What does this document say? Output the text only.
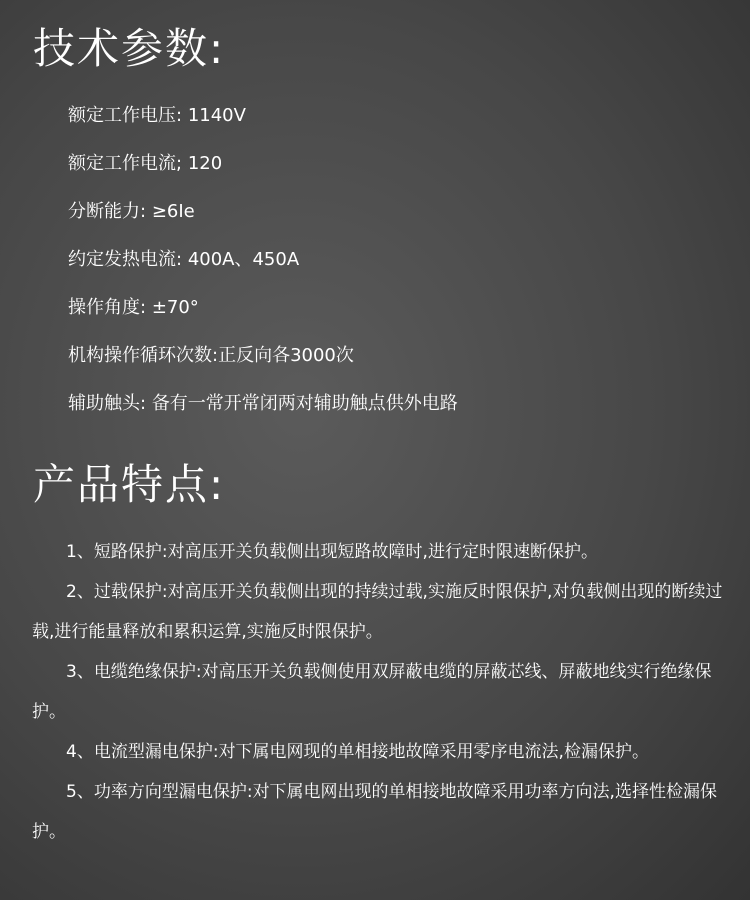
技术参数:
额定工作电压: 1140V
额定工作电流; 120
分断能力: ≥6Ie
约定发热电流: 400A、450A
操作角度: ±70°
机构操作循环次数:正反向各3000次
辅助触头: 备有一常开常闭两对辅助触点供外电路
产品特点:

1、短路保护:对高压开关负载侧出现短路故障时,进行定时限速断保护。

2、过载保护:对高压开关负载侧出现的持续过载,实施反时限保护,对负载侧出现的断续过载,进行能量释放和累积运算,实施反时限保护。

3、电缆绝缘保护:对高压开关负载侧使用双屏蔽电缆的屏蔽芯线、屏蔽地线实行绝缘保护。

4、电流型漏电保护:对下属电网现的单相接地故障采用零序电流法,检漏保护。

5、功率方向型漏电保护:对下属电网出现的单相接地故障采用功率方向法,选择性检漏保护。
